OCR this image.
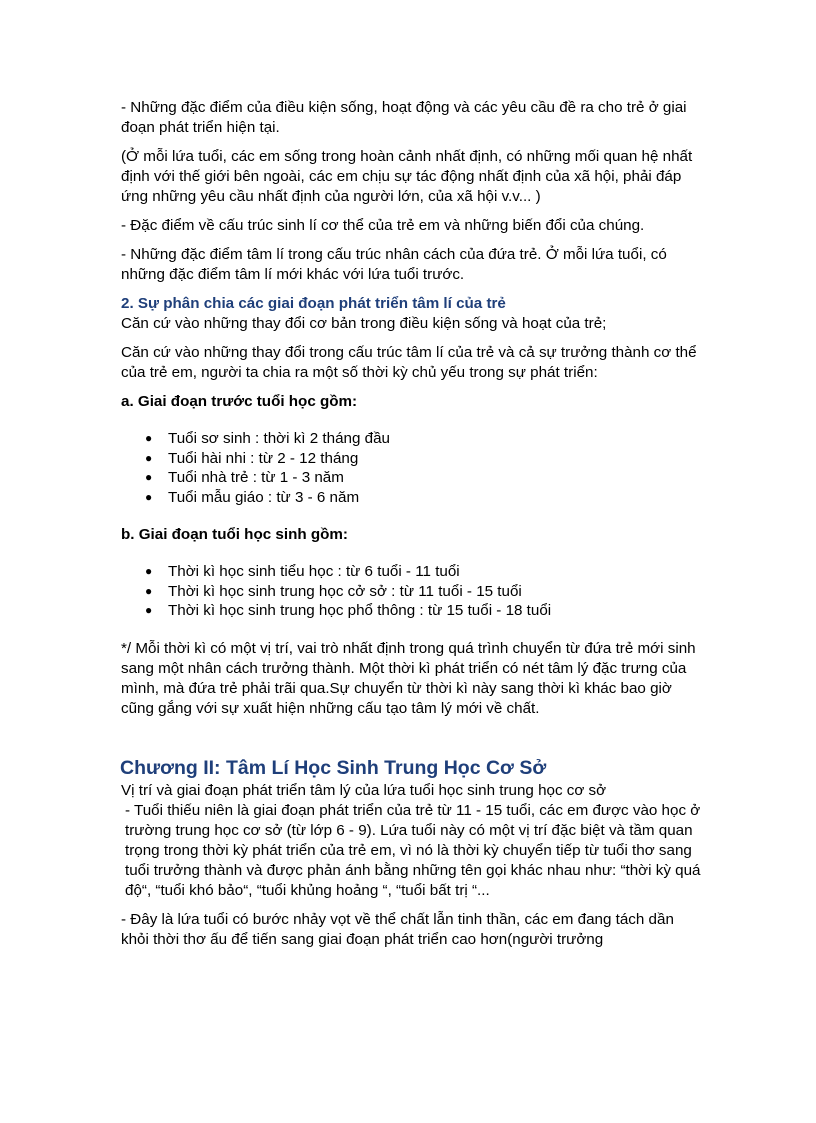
- Những đặc điểm của điều kiện sống, hoạt động và các yêu cầu đề ra cho trẻ ở giai đoạn phát triển hiện tại.

(Ở mỗi lứa tuổi, các em sống trong hoàn cảnh nhất định, có những mối quan hệ nhất định với thế giới bên ngoài, các em chịu sự tác động nhất định của xã hội, phải đáp ứng những yêu cầu nhất định của người lớn, của xã hội v.v... )

- Đặc điểm về cấu trúc sinh lí cơ thể của trẻ em và những biến đổi của chúng.

- Những đặc điểm tâm lí trong cấu trúc nhân cách của đứa trẻ. Ở mỗi lứa tuổi, có những đặc điểm tâm lí mới khác với lứa tuổi trước.

2. Sự phân chia các giai đoạn phát triển tâm lí của trẻ

Căn cứ vào những thay đổi cơ bản trong điều kiện sống và hoạt của trẻ;

Căn cứ vào những thay đổi trong cấu trúc tâm lí của trẻ và cả sự trưởng thành cơ thể của trẻ em, người ta chia ra một số thời kỳ chủ yếu trong sự phát triển:

a. Giai đoạn trước tuổi học gồm:

● Tuổi sơ sinh : thời kì 2 tháng đầu
● Tuổi hài nhi : từ 2 - 12 tháng
● Tuổi nhà trẻ : từ 1 - 3 năm
● Tuổi mẫu giáo : từ 3 - 6 năm

b. Giai đoạn tuổi học sinh gồm:

● Thời kì học sinh tiểu học : từ 6 tuổi - 11 tuổi
● Thời kì học sinh trung học cở sở : từ 11 tuổi - 15 tuổi
● Thời kì học sinh trung học phổ thông : từ 15 tuổi - 18 tuổi

*/ Mỗi thời kì có một vị trí, vai trò nhất định trong quá trình chuyển từ đứa trẻ mới sinh sang một nhân cách trưởng thành. Một thời kì phát triển có nét tâm lý đặc trưng của mình, mà đứa trẻ phải trãi qua.Sự chuyển từ thời kì này sang thời kì khác bao giờ cũng gắng với sự xuất hiện những cấu tạo tâm lý mới về chất.

Chương II: Tâm Lí Học Sinh Trung Học Cơ Sở

Vị trí và giai đoạn phát triển tâm lý của lứa tuổi học sinh trung học cơ sở

- Tuổi thiếu niên là giai đoạn phát triển của trẻ từ 11 - 15 tuổi, các em được vào học ở trường trung học cơ sở (từ lớp 6 - 9). Lứa tuổi này có một vị trí đặc biệt và tầm quan trọng trong thời kỳ phát triển của trẻ em, vì nó là thời kỳ chuyển tiếp từ tuổi thơ sang tuổi trưởng thành và được phản ánh bằng những tên gọi khác nhau như: “thời kỳ quá độ“, “tuổi khó bảo“, “tuổi khủng hoảng “, “tuổi bất trị “...

- Đây là lứa tuổi có bước nhảy vọt về thể chất lẫn tinh thần, các em đang tách dần khỏi thời thơ ấu để tiến sang giai đoạn phát triển cao hơn(người trưởng
